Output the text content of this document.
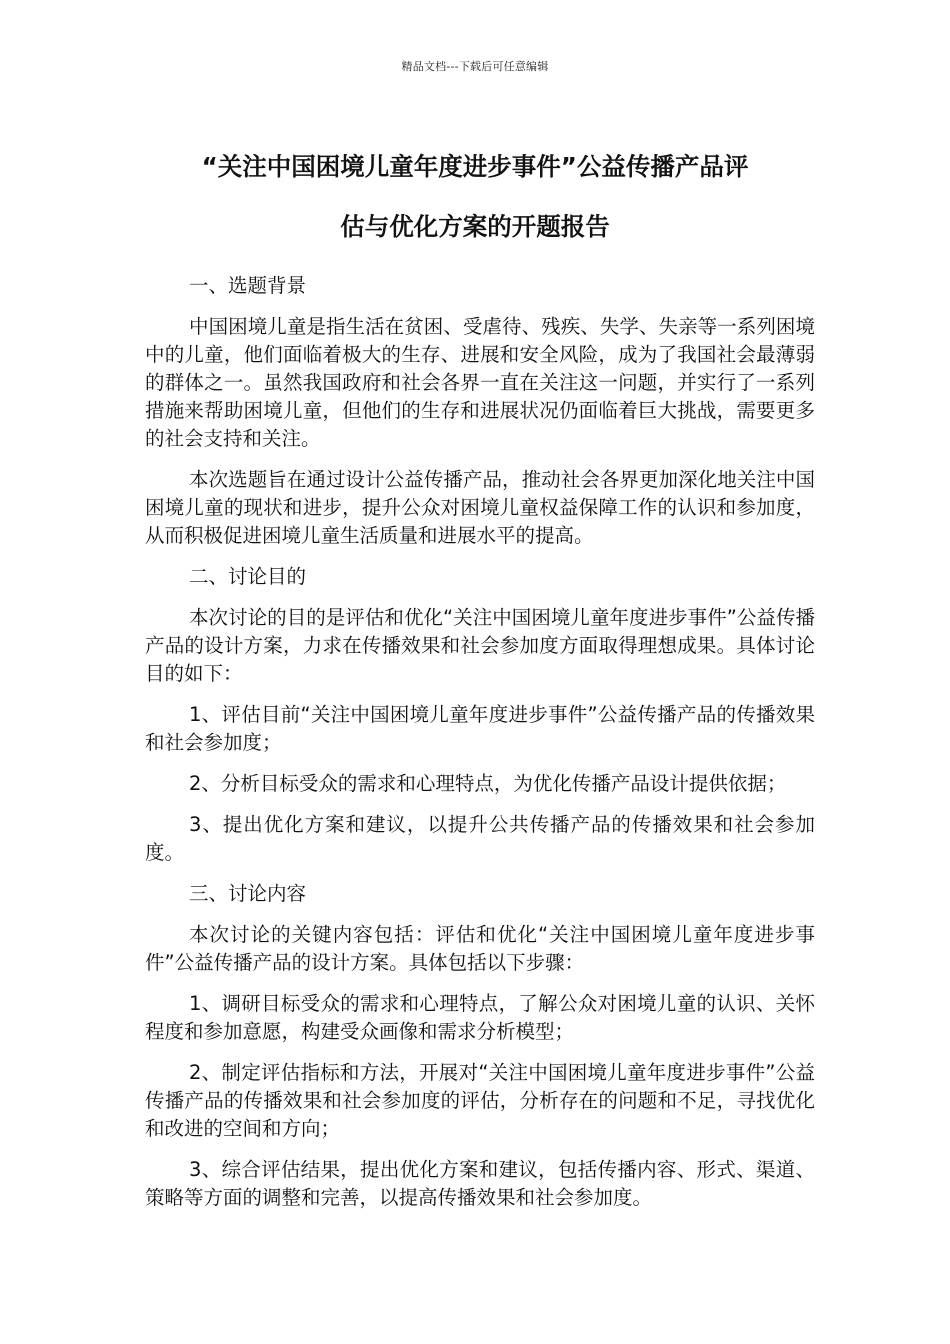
精品文档---下载后可任意编辑
“关注中国困境儿童年度进步事件”公益传播产品评
估与优化方案的开题报告

一、选题背景

中国困境儿童是指生活在贫困、受虐待、残疾、失学、失亲等一系列困境中的儿童，他们面临着极大的生存、进展和安全风险，成为了我国社会最薄弱的群体之一。虽然我国政府和社会各界一直在关注这一问题，并实行了一系列措施来帮助困境儿童，但他们的生存和进展状况仍面临着巨大挑战，需要更多的社会支持和关注。

本次选题旨在通过设计公益传播产品，推动社会各界更加深化地关注中国困境儿童的现状和进步，提升公众对困境儿童权益保障工作的认识和参加度，从而积极促进困境儿童生活质量和进展水平的提高。

二、讨论目的

本次讨论的目的是评估和优化“关注中国困境儿童年度进步事件”公益传播产品的设计方案，力求在传播效果和社会参加度方面取得理想成果。具体讨论目的如下：

1、评估目前“关注中国困境儿童年度进步事件”公益传播产品的传播效果和社会参加度；

2、分析目标受众的需求和心理特点，为优化传播产品设计提供依据；

3、提出优化方案和建议，以提升公共传播产品的传播效果和社会参加度。

三、讨论内容

本次讨论的关键内容包括：评估和优化“关注中国困境儿童年度进步事件”公益传播产品的设计方案。具体包括以下步骤：

1、调研目标受众的需求和心理特点，了解公众对困境儿童的认识、关怀程度和参加意愿，构建受众画像和需求分析模型；

2、制定评估指标和方法，开展对“关注中国困境儿童年度进步事件”公益传播产品的传播效果和社会参加度的评估，分析存在的问题和不足，寻找优化和改进的空间和方向；

3、综合评估结果，提出优化方案和建议，包括传播内容、形式、渠道、策略等方面的调整和完善，以提高传播效果和社会参加度。
